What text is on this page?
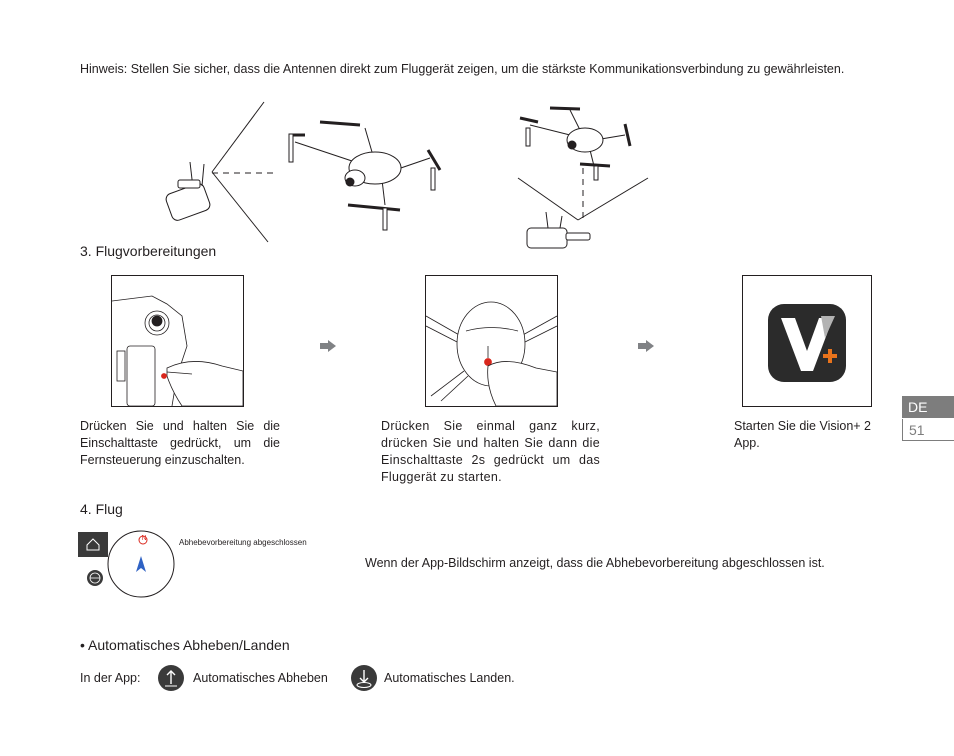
Hinweis: Stellen Sie sicher, dass die Antennen direkt zum Fluggerät zeigen, um die stärkste Kommunikationsverbindung zu gewährleisten.
3. Flugvorbereitungen
Drücken Sie und halten Sie die Einschalttaste gedrückt, um die Fernsteuerung einzuschalten.
Drücken Sie einmal ganz kurz, drücken Sie und halten Sie dann die Einschalttaste 2s gedrückt um das Fluggerät zu starten.
Starten Sie die Vision+ 2 App.
DE
51
4. Flug
N	Abhebevorbereitung abgeschlossen
Wenn der App-Bildschirm anzeigt, dass die Abhebevorbereitung abgeschlossen ist.
• Automatisches Abheben/Landen
In der App:	Automatisches Abheben	Automatisches Landen.
